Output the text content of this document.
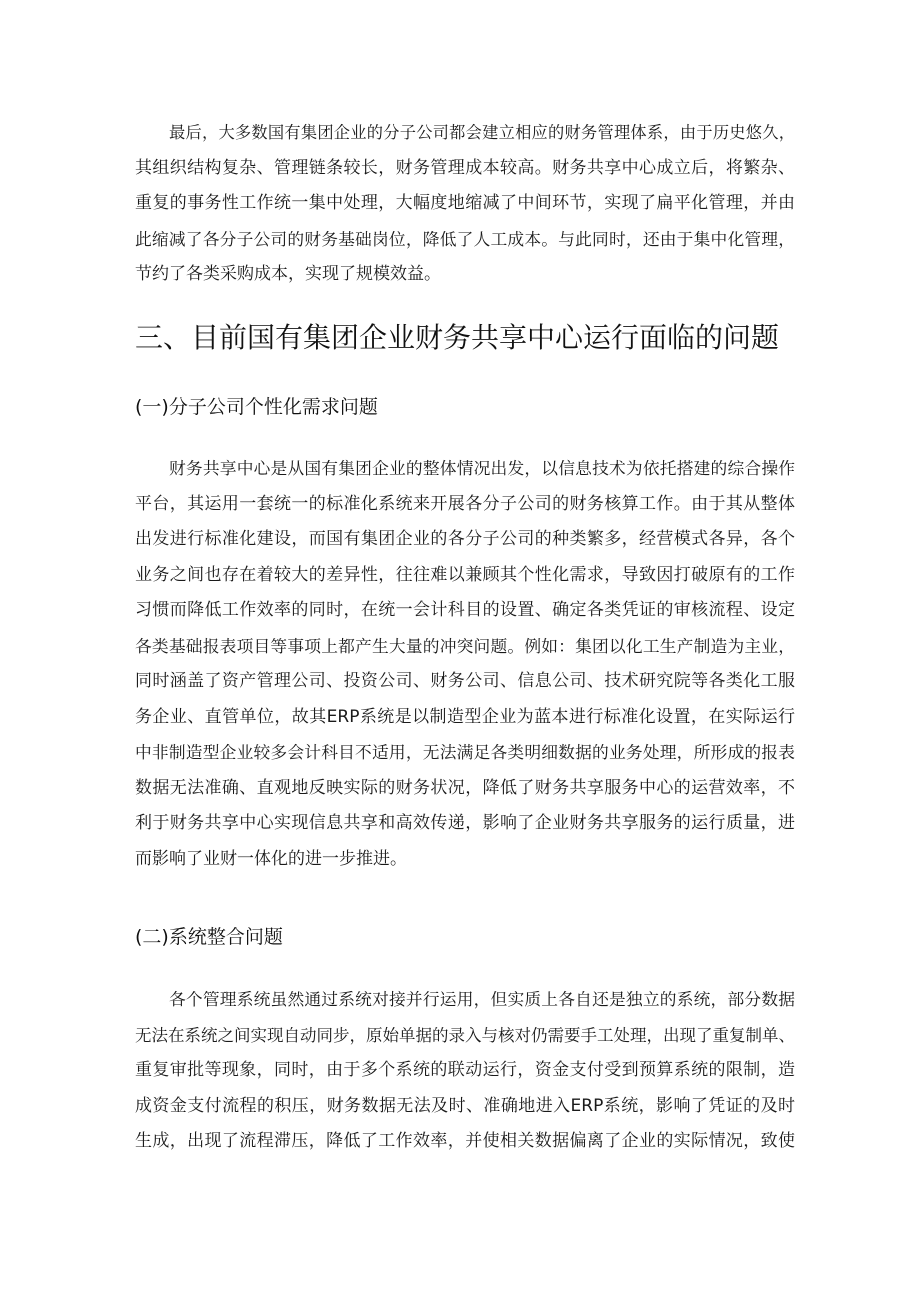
最后，大多数国有集团企业的分子公司都会建立相应的财务管理体系，由于历史悠久，
其组织结构复杂、管理链条较长，财务管理成本较高。财务共享中心成立后，将繁杂、
重复的事务性工作统一集中处理，大幅度地缩减了中间环节，实现了扁平化管理，并由
此缩减了各分子公司的财务基础岗位，降低了人工成本。与此同时，还由于集中化管理，
节约了各类采购成本，实现了规模效益。
三、目前国有集团企业财务共享中心运行面临的问题
(一)分子公司个性化需求问题
财务共享中心是从国有集团企业的整体情况出发，以信息技术为依托搭建的综合操作
平台，其运用一套统一的标准化系统来开展各分子公司的财务核算工作。由于其从整体
出发进行标准化建设，而国有集团企业的各分子公司的种类繁多，经营模式各异，各个
业务之间也存在着较大的差异性，往往难以兼顾其个性化需求，导致因打破原有的工作
习惯而降低工作效率的同时，在统一会计科目的设置、确定各类凭证的审核流程、设定
各类基础报表项目等事项上都产生大量的冲突问题。例如：集团以化工生产制造为主业，
同时涵盖了资产管理公司、投资公司、财务公司、信息公司、技术研究院等各类化工服
务企业、直管单位，故其ERP系统是以制造型企业为蓝本进行标准化设置，在实际运行
中非制造型企业较多会计科目不适用，无法满足各类明细数据的业务处理，所形成的报表
数据无法准确、直观地反映实际的财务状况，降低了财务共享服务中心的运营效率，不
利于财务共享中心实现信息共享和高效传递，影响了企业财务共享服务的运行质量，进
而影响了业财一体化的进一步推进。
(二)系统整合问题
各个管理系统虽然通过系统对接并行运用，但实质上各自还是独立的系统，部分数据
无法在系统之间实现自动同步，原始单据的录入与核对仍需要手工处理，出现了重复制单、
重复审批等现象，同时，由于多个系统的联动运行，资金支付受到预算系统的限制，造
成资金支付流程的积压，财务数据无法及时、准确地进入ERP系统，影响了凭证的及时
生成，出现了流程滞压，降低了工作效率，并使相关数据偏离了企业的实际情况，致使
